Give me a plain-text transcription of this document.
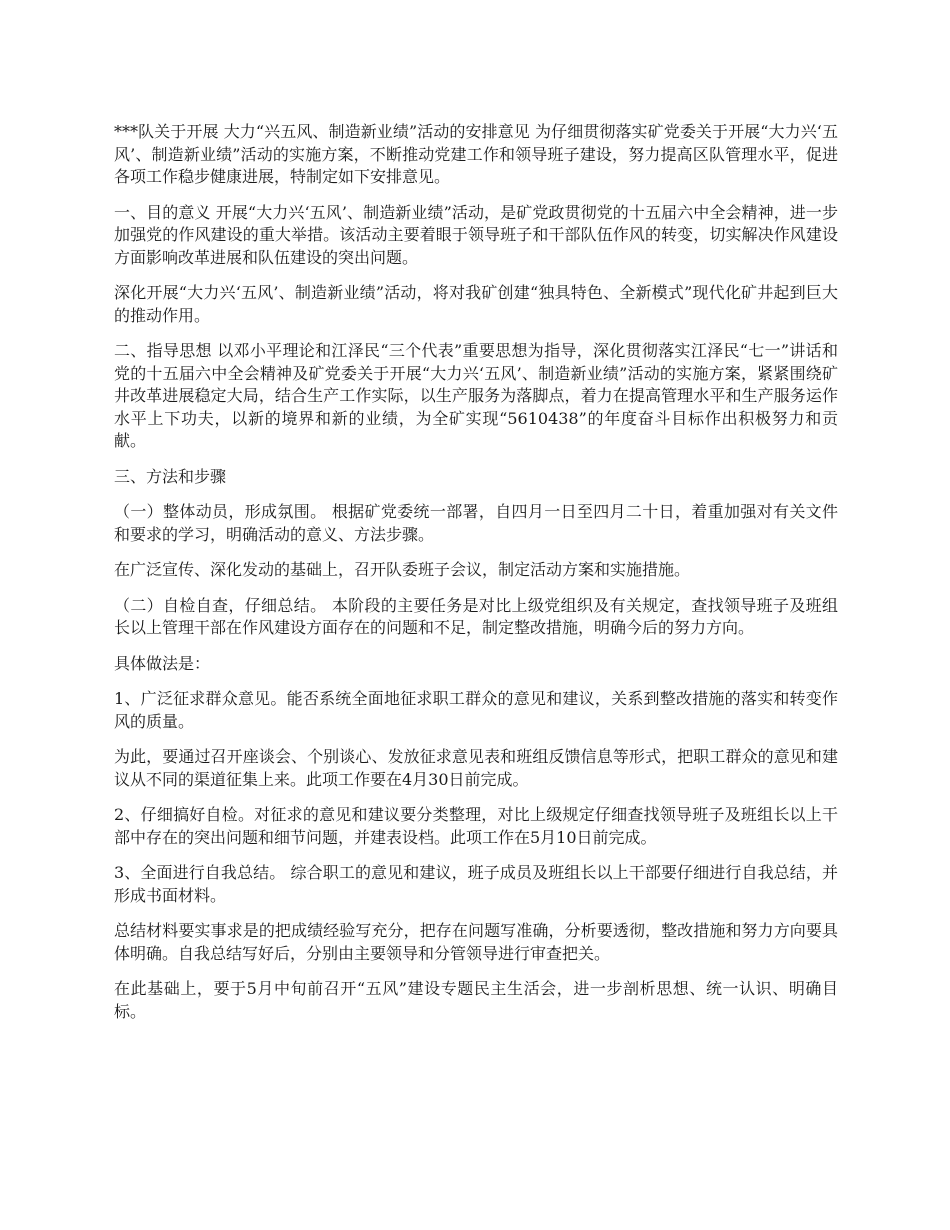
***队关于开展 大力“兴五风、制造新业绩”活动的安排意见 为仔细贯彻落实矿党委关于开展“大力兴‘五风’、制造新业绩”活动的实施方案，不断推动党建工作和领导班子建设，努力提高区队管理水平，促进各项工作稳步健康进展，特制定如下安排意见。

一、目的意义 开展“大力兴‘五风’、制造新业绩”活动，是矿党政贯彻党的十五届六中全会精神，进一步加强党的作风建设的重大举措。该活动主要着眼于领导班子和干部队伍作风的转变，切实解决作风建设方面影响改革进展和队伍建设的突出问题。

深化开展“大力兴‘五风’、制造新业绩”活动，将对我矿创建“独具特色、全新模式”现代化矿井起到巨大的推动作用。

二、指导思想 以邓小平理论和江泽民“三个代表”重要思想为指导，深化贯彻落实江泽民“七一”讲话和党的十五届六中全会精神及矿党委关于开展“大力兴‘五风’、制造新业绩”活动的实施方案，紧紧围绕矿井改革进展稳定大局，结合生产工作实际，以生产服务为落脚点，着力在提高管理水平和生产服务运作水平上下功夫，以新的境界和新的业绩，为全矿实现“5610438”的年度奋斗目标作出积极努力和贡献。

三、方法和步骤

（一）整体动员，形成氛围。 根据矿党委统一部署，自四月一日至四月二十日，着重加强对有关文件和要求的学习，明确活动的意义、方法步骤。

在广泛宣传、深化发动的基础上，召开队委班子会议，制定活动方案和实施措施。

（二）自检自查，仔细总结。 本阶段的主要任务是对比上级党组织及有关规定，查找领导班子及班组长以上管理干部在作风建设方面存在的问题和不足，制定整改措施，明确今后的努力方向。

具体做法是：

1、广泛征求群众意见。能否系统全面地征求职工群众的意见和建议，关系到整改措施的落实和转变作风的质量。

为此，要通过召开座谈会、个别谈心、发放征求意见表和班组反馈信息等形式，把职工群众的意见和建议从不同的渠道征集上来。此项工作要在4月30日前完成。

2、仔细搞好自检。对征求的意见和建议要分类整理，对比上级规定仔细查找领导班子及班组长以上干部中存在的突出问题和细节问题，并建表设档。此项工作在5月10日前完成。

3、全面进行自我总结。 综合职工的意见和建议，班子成员及班组长以上干部要仔细进行自我总结，并形成书面材料。

总结材料要实事求是的把成绩经验写充分，把存在问题写准确，分析要透彻，整改措施和努力方向要具体明确。自我总结写好后，分别由主要领导和分管领导进行审查把关。

在此基础上，要于5月中旬前召开“五风”建设专题民主生活会，进一步剖析思想、统一认识、明确目标。
